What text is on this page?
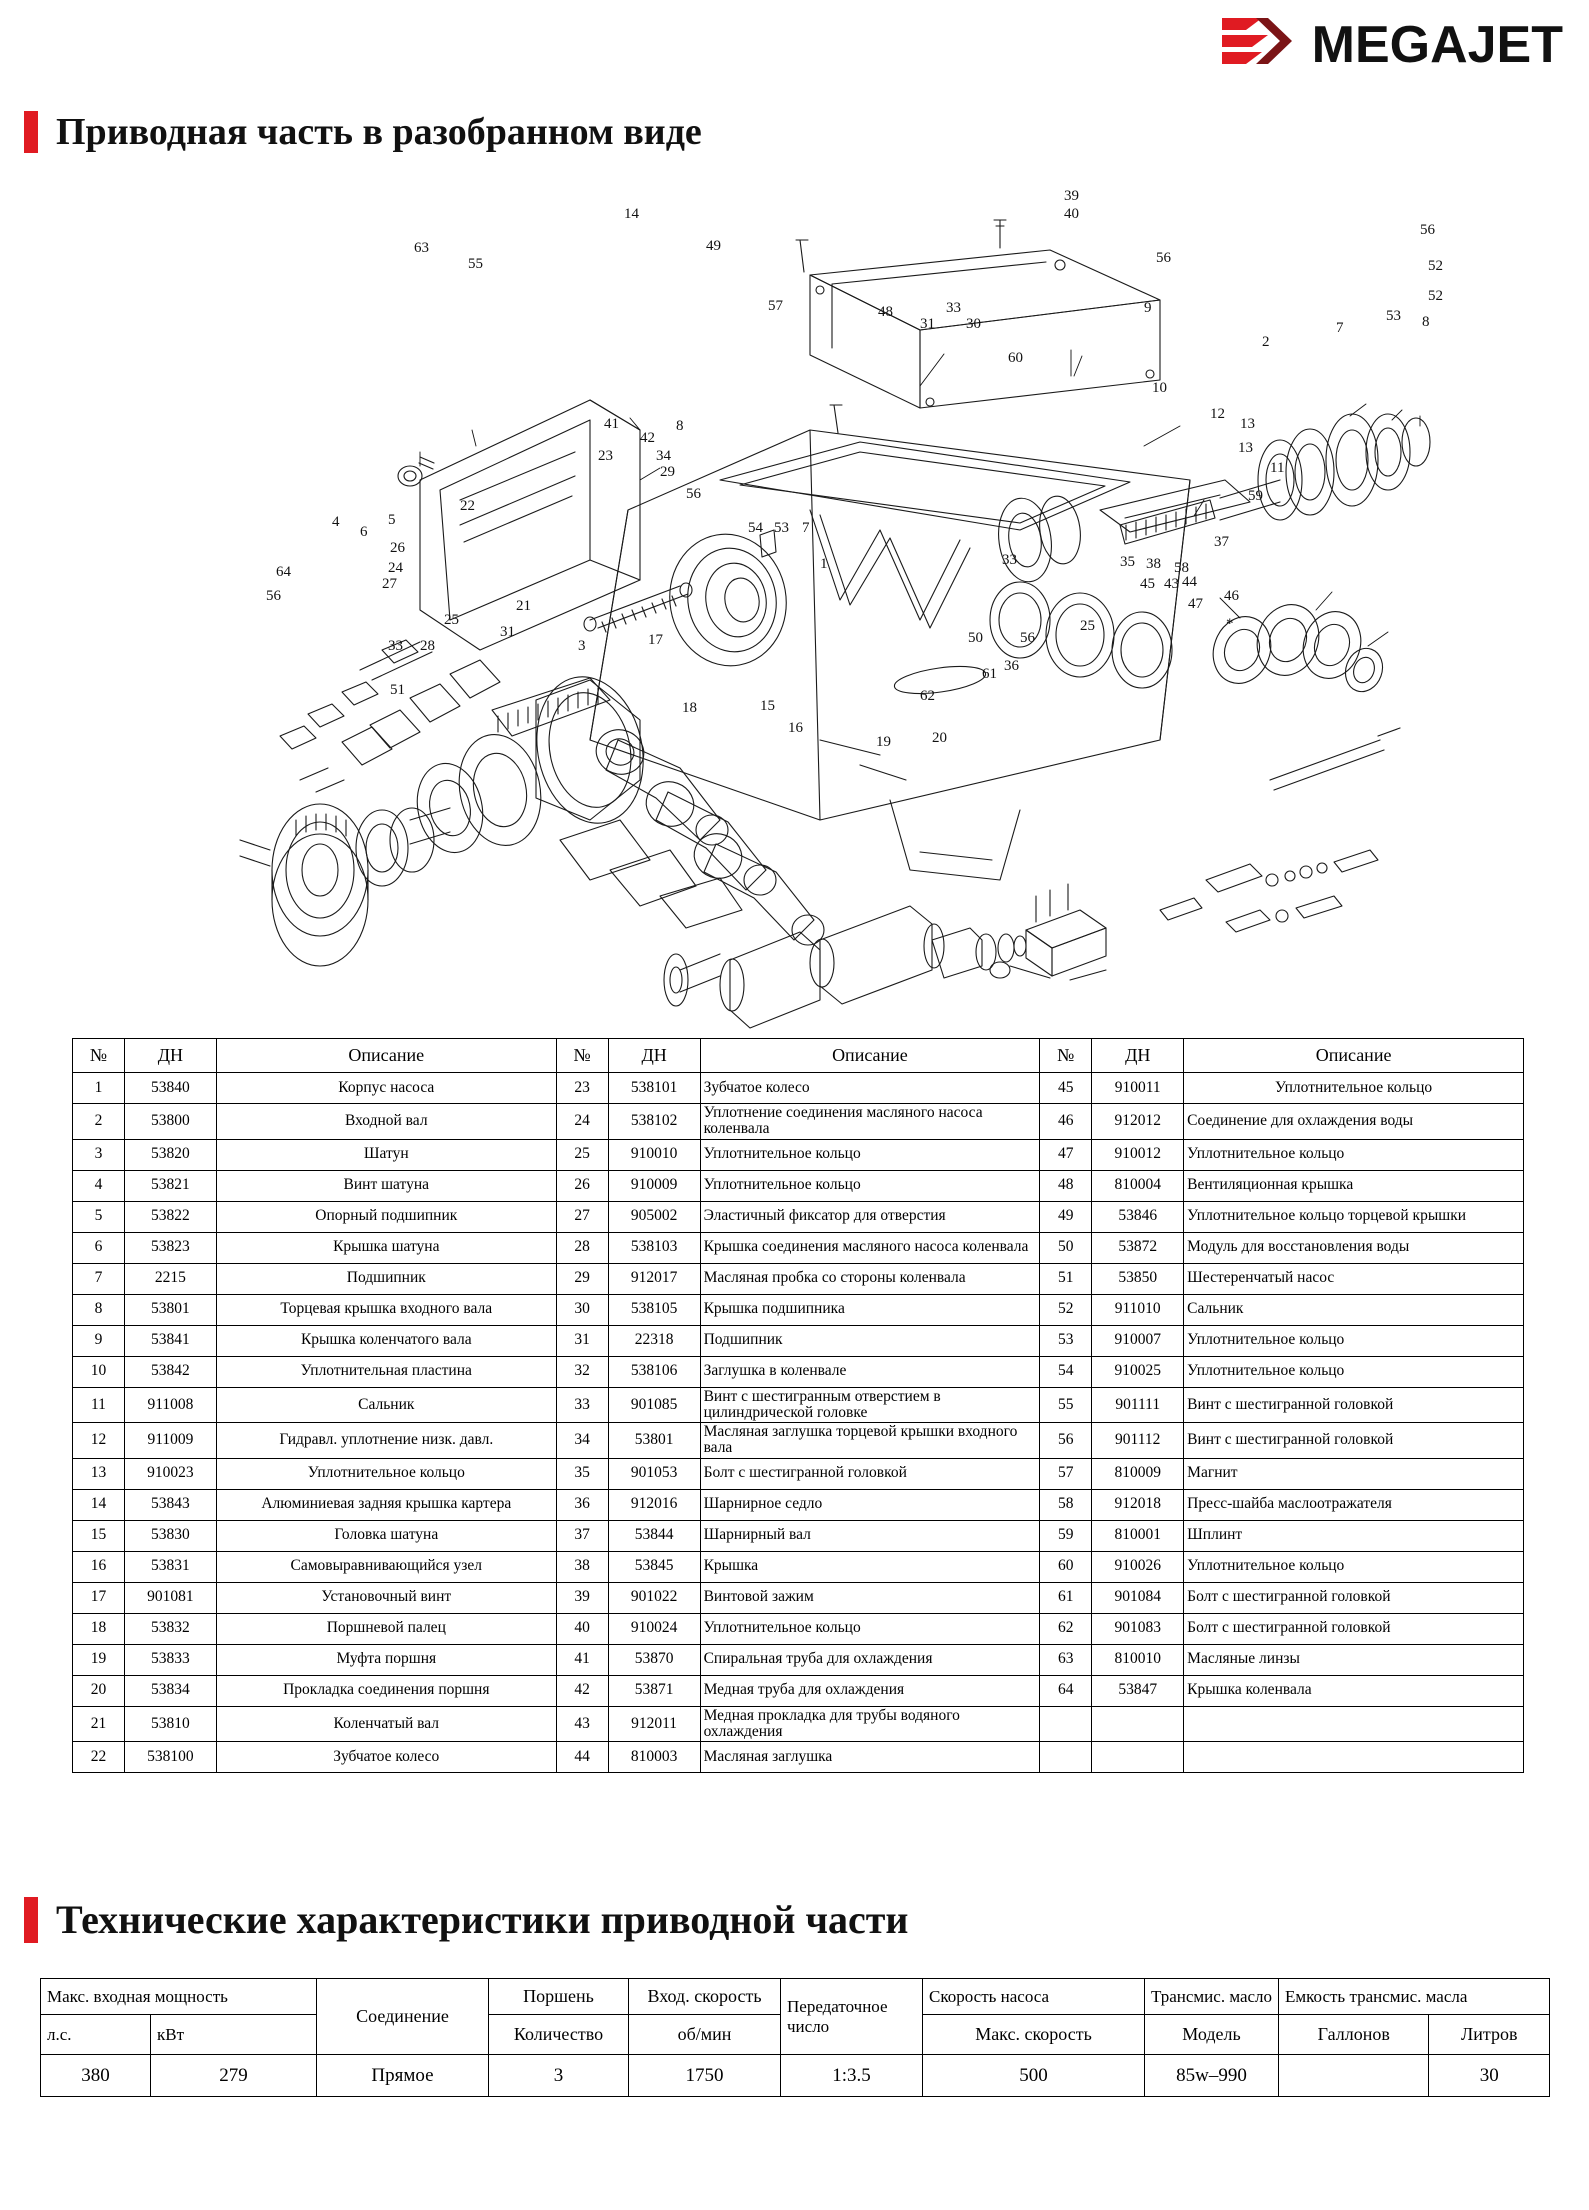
MEGAJET
Приводная часть в разобранном виде
39
40
56
52
52
8
53
7
2
9
56
14
63
55
49
57	48
31
33
30
60
10
12
13
13
11
59
37
41
42
8
23	34
29
56
54 53 7
1	33
4
6
5
22
24
26
27
64
56
21
25
31
3	17
33 28
51
18	15
16
19	20
62
61 36
50 56
25
45 43 44
47 46
*
35 38 58
№	ДН	Описание	№	ДН	Описание	№	ДН	Описание
1	53840	Корпус насоса	23	538101	Зубчатое колесо	45	910011	Уплотнительное кольцо
2	53800	Входной вал	24	538102	Уплотнение соединения масляного насоса коленвала	46	912012	Соединение для охлаждения воды
3	53820	Шатун	25	910010	Уплотнительное кольцо	47	910012	Уплотнительное кольцо
4	53821	Винт шатуна	26	910009	Уплотнительное кольцо	48	810004	Вентиляционная крышка
5	53822	Опорный подшипник	27	905002	Эластичный фиксатор для отверстия	49	53846	Уплотнительное кольцо торцевой крышки
6	53823	Крышка шатуна	28	538103	Крышка соединения масляного насоса коленвала	50	53872	Модуль для восстановления воды
7	2215	Подшипник	29	912017	Масляная пробка со стороны коленвала	51	53850	Шестеренчатый насос
8	53801	Торцевая крышка входного вала	30	538105	Крышка подшипника	52	911010	Сальник
9	53841	Крышка коленчатого вала	31	22318	Подшипник	53	910007	Уплотнительное кольцо
10	53842	Уплотнительная пластина	32	538106	Заглушка в коленвале	54	910025	Уплотнительное кольцо
11	911008	Сальник	33	901085	Винт с шестигранным отверстием в цилиндрической головке	55	901111	Винт с шестигранной головкой
12	911009	Гидравл. уплотнение низк. давл.	34	53801	Масляная заглушка торцевой крышки входного вала	56	901112	Винт с шестигранной головкой
13	910023	Уплотнительное кольцо	35	901053	Болт с шестигранной головкой	57	810009	Магнит
14	53843	Алюминиевая задняя крышка картера	36	912016	Шарнирное седло	58	912018	Пресс-шайба маслоотражателя
15	53830	Головка шатуна	37	53844	Шарнирный вал	59	810001	Шплинт
16	53831	Самовыравнивающийся узел	38	53845	Крышка	60	910026	Уплотнительное кольцо
17	901081	Установочный винт	39	901022	Винтовой зажим	61	901084	Болт с шестигранной головкой
18	53832	Поршневой палец	40	910024	Уплотнительное кольцо	62	901083	Болт с шестигранной головкой
19	53833	Муфта поршня	41	53870	Спиральная труба для охлаждения	63	810010	Масляные линзы
20	53834	Прокладка соединения поршня	42	53871	Медная труба для охлаждения	64	53847	Крышка коленвала
21	53810	Коленчатый вал	43	912011	Медная прокладка для трубы водяного охлаждения			
22	538100	Зубчатое колесо	44	810003	Масляная заглушка			
Технические характеристики приводной части
Макс. входная мощность		Соединение	Поршень	Вход. скорость	Передаточное число	Скорость насоса	Трансмис. масло	Емкость трансмис. масла	
л.с.	кВт		Количество	об/мин		Макс. скорость	Модель	Галлонов	Литров
380	279	Прямое	3	1750	1:3.5	500	85w–990		30
